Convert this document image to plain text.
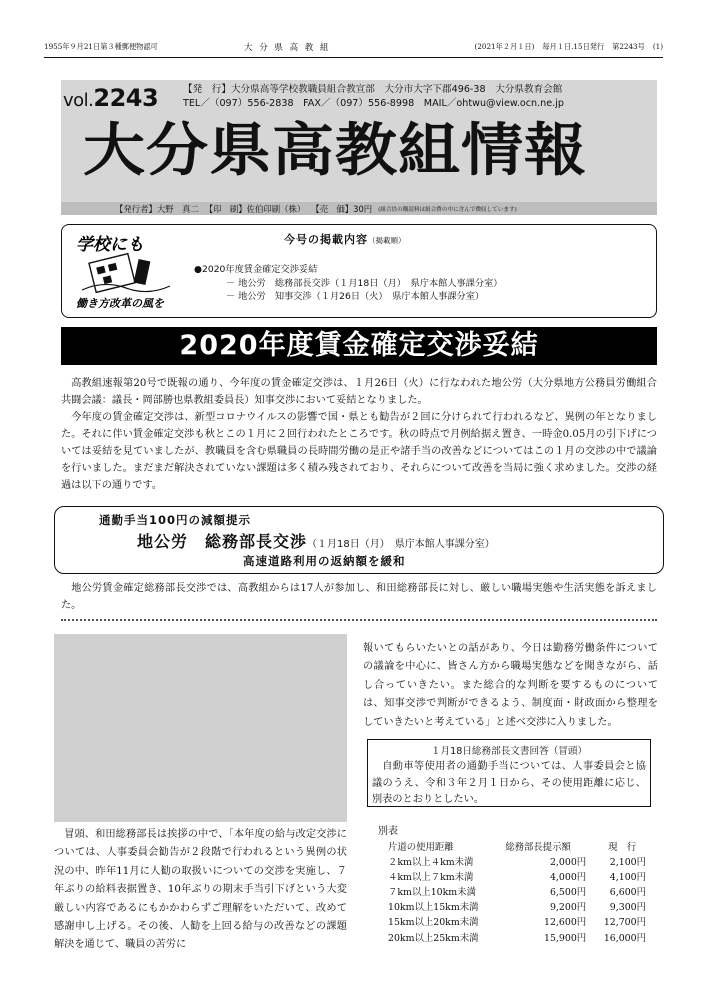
1955年９月21日第３種郵便物認可	大 分 県 高 教 組	(2021年２月１日) 毎月１日.15日発行 第2243号 (1)
vol.2243	【発　行】大分県高等学校教職員組合教宣部　大分市大字下郡496-38　大分県教育会館
TEL／（097）556-2838　FAX／（097）556-8998　MAIL／ohtwu@view.ocn.ne.jp
大分県高教組情報
【発行者】大野　真二 【印　刷】佐伯印刷（株） 【売　価】30円 (組合員の購読料は組合費の中に含んで徴収しています)
学校にも
働き方改革の風を
今号の掲載内容（掲載順）
●2020年度賃金確定交渉妥結
－ 地公労　総務部長交渉（１月18日（月）　県庁本館人事課分室）
－ 地公労　知事交渉（１月26日（火）　県庁本館人事課分室）
2020年度賃金確定交渉妥結

高教組速報第20号で既報の通り、今年度の賃金確定交渉は、１月26日（火）に行なわれた地公労（大分県地方公務員労働組合共闘会議：議長・岡部勝也県教組委員長）知事交渉において妥結となりました。

今年度の賃金確定交渉は、新型コロナウイルスの影響で国・県とも勧告が２回に分けられて行われるなど、異例の年となりました。それに伴い賃金確定交渉も秋とこの１月に２回行われたところです。秋の時点で月例給据え置き、一時金0.05月の引下げについては妥結を見ていましたが、教職員を含む県職員の長時間労働の是正や諸手当の改善などについてはこの１月の交渉の中で議論を行いました。まだまだ解決されていない課題は多く積み残されており、それらについて改善を当局に強く求めました。交渉の経過は以下の通りです。

通勤手当100円の減額提示
地公労　総務部長交渉（１月18日（月）　県庁本館人事課分室）
高速道路利用の返納額を緩和

地公労賃金確定総務部長交渉では、高教組からは17人が参加し、和田総務部長に対し、厳しい職場実態や生活実態を訴えました。

冒頭、和田総務部長は挨拶の中で、「本年度の給与改定交渉については、人事委員会勧告が２段階で行われるという異例の状況の中、昨年11月に人勧の取扱いについての交渉を実施し、７年ぶりの給料表据置き、10年ぶりの期末手当引下げという大変厳しい内容であるにもかかわらずご理解をいただいて、改めて感謝申し上げる。その後、人勧を上回る給与の改善などの課題解決を通じて、職員の苦労に

報いてもらいたいとの話があり、今日は勤務労働条件についての議論を中心に、皆さん方から職場実態などを聞きながら、話し合っていきたい。また総合的な判断を要するものについては、知事交渉で判断ができるよう、制度面・財政面から整理をしていきたいと考えている」と述べ交渉に入りました。

１月18日総務部長文書回答（冒頭）
自動車等使用者の通勤手当については、人事委員会と協議のうえ、令和３年２月１日から、その使用距離に応じ、別表のとおりとしたい。
別表
片道の使用距離	総務部長提示額	現　行
２km以上４km未満	2,000円	2,100円
４km以上７km未満	4,000円	4,100円
７km以上10km未満	6,500円	6,600円
10km以上15km未満	9,200円	9,300円
15km以上20km未満	12,600円	12,700円
20km以上25km未満	15,900円	16,000円
